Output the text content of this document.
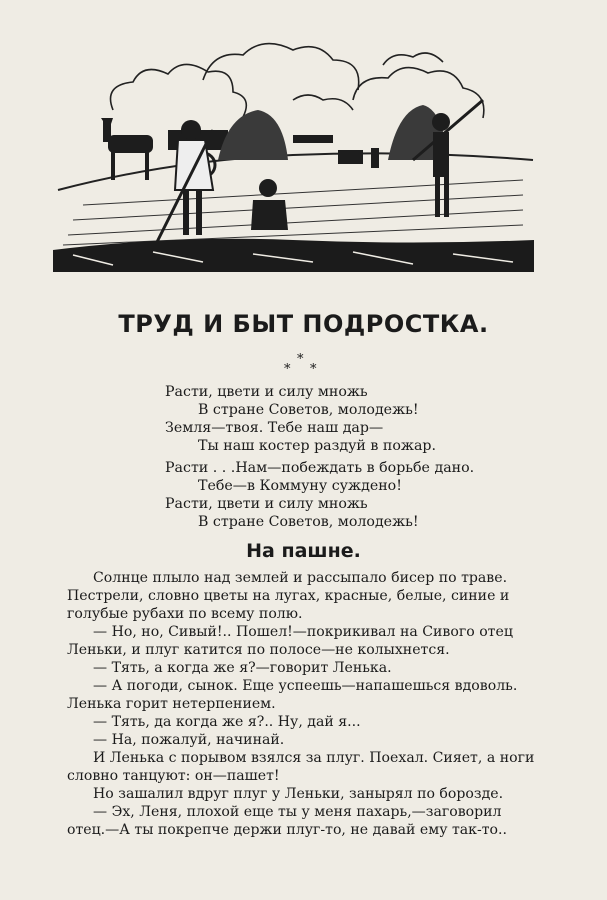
ТРУД И БЫТ ПОДРОСТКА.
*
* *
Расти, цвети и силу множь
В стране Советов, молодежь!
Земля—твоя. Тебе наш дар—
Ты наш костер раздуй в пожар.
Расти . . .Нам—побеждать в борьбе дано.
Тебе—в Коммуну суждено!
Расти, цвети и силу множь
В стране Советов, молодежь!
На пашне.
Солнце плыло над землей и рассыпало бисер по траве.
Пестрели, словно цветы на лугах, красные, белые, синие и
голубые рубахи по всему полю.
— Но, но, Сивый!.. Пошел!—покрикивал на Сивого отец
Леньки, и плуг катится по полосе—не колыхнется.
— Тять, а когда же я?—говорит Ленька.
— А погоди, сынок. Еще успеешь—напашешься вдоволь.
Ленька горит нетерпением.
— Тять, да когда же я?.. Ну, дай я...
— На, пожалуй, начинай.
И Ленька с порывом взялся за плуг. Поехал. Сияет, а ноги
словно танцуют: он—пашет!
Но зашалил вдруг плуг у Леньки, занырял по борозде.
— Эх, Леня, плохой еще ты у меня пахарь,—заговорил
отец.—А ты покрепче держи плуг-то, не давай ему так-то..
